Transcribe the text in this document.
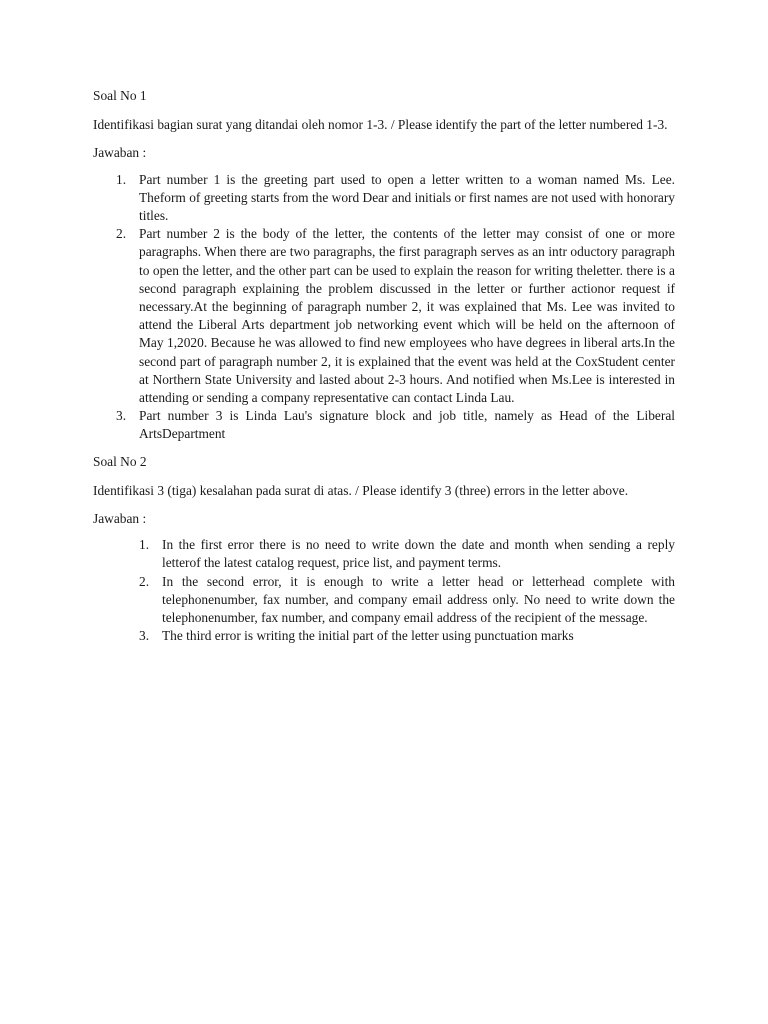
Soal No 1

Identifikasi bagian surat yang ditandai oleh nomor 1-3. / Please identify the part of the letter numbered 1-3.

Jawaban :

1. Part number 1 is the greeting part used to open a letter written to a woman named Ms. Lee. Theform of greeting starts from the word Dear and initials or first names are not used with honorary titles.
2. Part number 2 is the body of the letter, the contents of the letter may consist of one or more paragraphs. When there are two paragraphs, the first paragraph serves as an intr oductory paragraph to open the letter, and the other part can be used to explain the reason for writing theletter. there is a second paragraph explaining the problem discussed in the letter or further actionor request if necessary.At the beginning of paragraph number 2, it was explained that Ms. Lee was invited to attend the Liberal Arts department job networking event which will be held on the afternoon of May 1,2020. Because he was allowed to find new employees who have degrees in liberal arts.In the second part of paragraph number 2, it is explained that the event was held at the CoxStudent center at Northern State University and lasted about 2-3 hours. And notified when Ms.Lee is interested in attending or sending a company representative can contact Linda Lau.
3. Part number 3 is Linda Lau's signature block and job title, namely as Head of the Liberal ArtsDepartment

Soal No 2

Identifikasi 3 (tiga) kesalahan pada surat di atas. / Please identify 3 (three) errors in the letter above.

Jawaban :

1. In the first error there is no need to write down the date and month when sending a reply letterof the latest catalog request, price list, and payment terms.
2. In the second error, it is enough to write a letter head or letterhead complete with telephonenumber, fax number, and company email address only. No need to write down the telephonenumber, fax number, and company email address of the recipient of the message.
3. The third error is writing the initial part of the letter using punctuation marks
